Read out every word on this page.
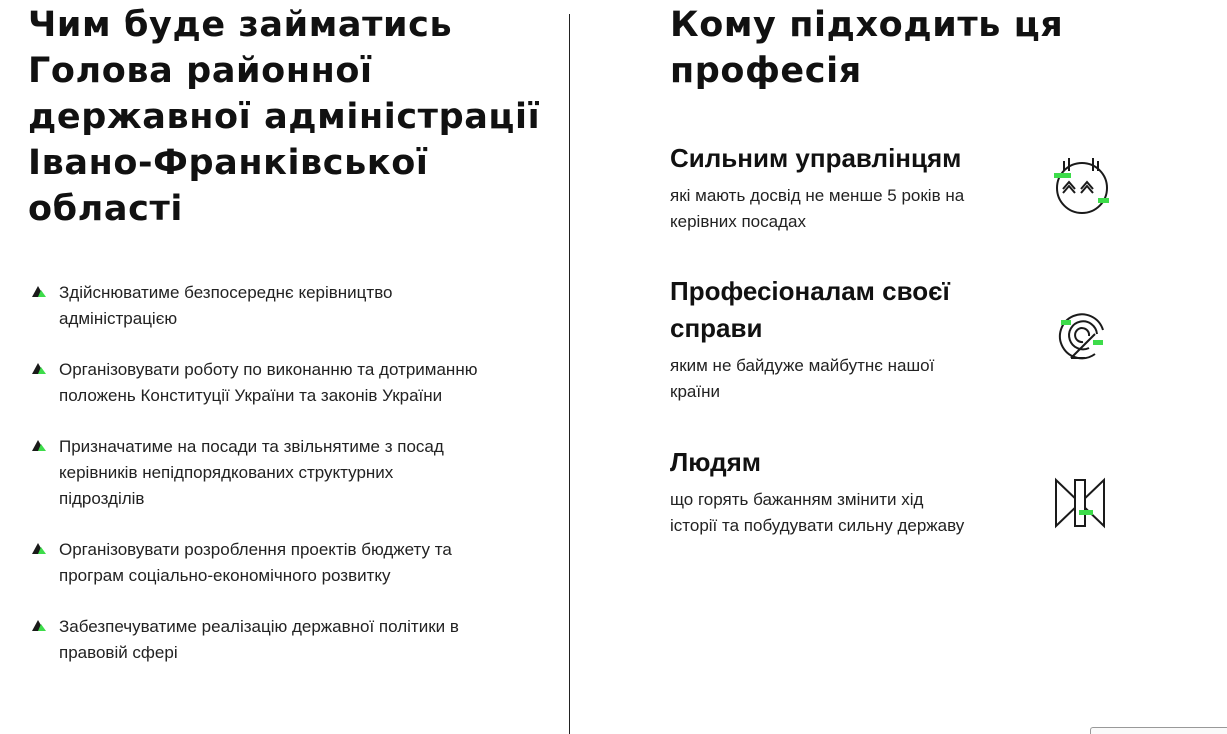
Чим буде займатись Голова районної державної адміністрації Івано-Франківської області
Здійснюватиме безпосереднє керівництво адміністрацією
Організовувати роботу по виконанню та дотриманню положень Конституції України та законів України
Призначатиме на посади та звільнятиме з посад керівників непідпорядкованих структурних підрозділів
Організовувати розроблення проектів бюджету та програм соціально-економічного розвитку
Забезпечуватиме реалізацію державної політики в правовій сфері
Кому підходить ця професія
Сильним управлінцям

які мають досвід не менше 5 років на керівних посадах

Професіоналам своєї справи

яким не байдуже майбутнє нашої країни

Людям

що горять бажанням змінити хід історії та побудувати сильну державу
